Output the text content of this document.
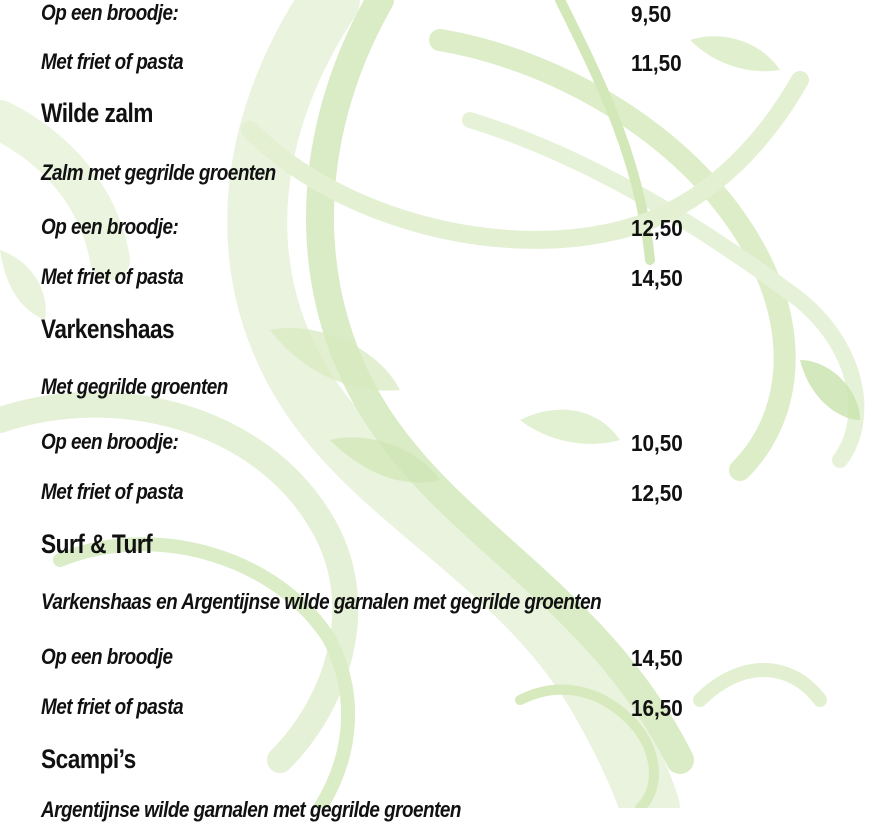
Op een broodje:	9,50
Met friet of pasta	11,50
Wilde zalm
Zalm met gegrilde groenten
Op een broodje:	12,50
Met friet of pasta	14,50
Varkenshaas
Met gegrilde groenten
Op een broodje:	10,50
Met friet of pasta	12,50
Surf & Turf
Varkenshaas en Argentijnse wilde garnalen met gegrilde groenten
Op een broodje	14,50
Met friet of pasta	16,50
Scampi’s
Argentijnse wilde garnalen met gegrilde groenten
